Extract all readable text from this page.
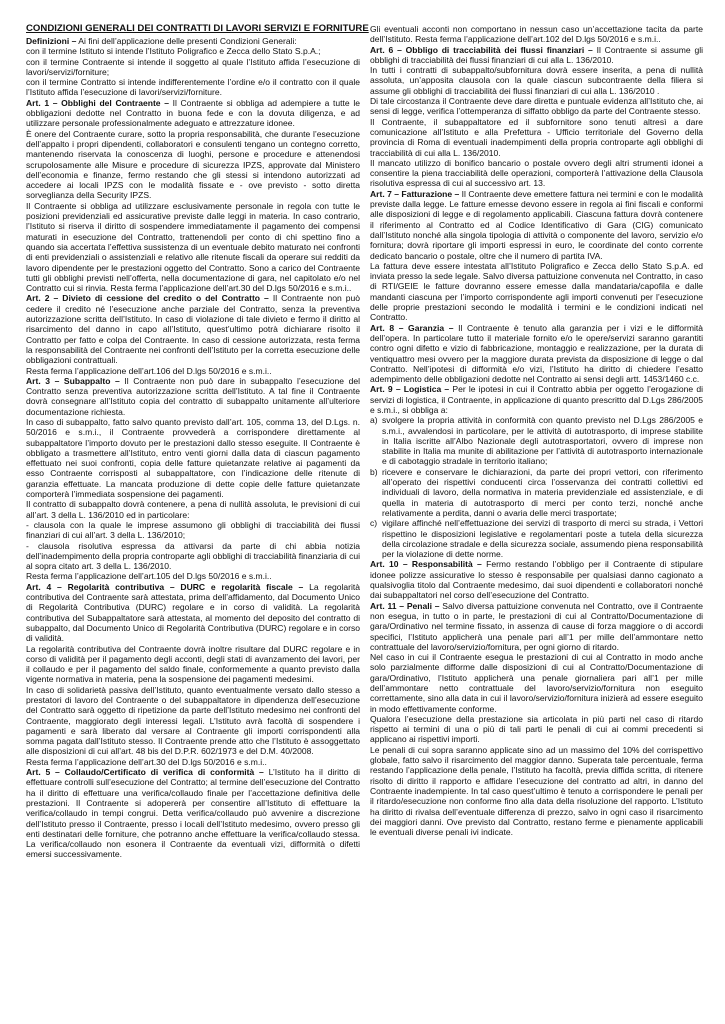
CONDIZIONI GENERALI DEI CONTRATTI DI LAVORI SERVIZI E FORNITURE

Definizioni – Ai fini dell’applicazione delle presenti Condizioni Generali:

con il termine Istituto si intende l’Istituto Poligrafico e Zecca dello Stato S.p.A.;

con il termine Contraente si intende il soggetto al quale l’Istituto affida l’esecuzione di lavori/servizi/forniture;

con il termine Contratto si intende indifferentemente l’ordine e/o il contratto con il quale l’Istituto affida l’esecuzione di lavori/servizi/forniture.

Art. 1 – Obblighi del Contraente – Il Contraente si obbliga ad adempiere a tutte le obbligazioni dedotte nel Contratto in buona fede e con la dovuta diligenza, e ad utilizzare personale professionalmente adeguato e attrezzature idonee.

È onere del Contraente curare, sotto la propria responsabilità, che durante l’esecuzione dell’appalto i propri dipendenti, collaboratori e consulenti tengano un contegno corretto, mantenendo riservata la conoscenza di luoghi, persone e procedure e attenendosi scrupolosamente alle Misure e procedure di sicurezza IPZS, approvate dal Ministero dell’economia e finanze, fermo restando che gli stessi si intendono autorizzati ad accedere ai locali IPZS con le modalità fissate e - ove previsto - sotto diretta sorveglianza della Security IPZS.

Il Contraente si obbliga ad utilizzare esclusivamente personale in regola con tutte le posizioni previdenziali ed assicurative previste dalle leggi in materia. In caso contrario, l’Istituto si riserva il diritto di sospendere immediatamente il pagamento dei compensi maturati in esecuzione del Contratto, trattenendoli per conto di chi spettino fino a quando sia accertata l’effettiva sussistenza di un eventuale debito maturato nei confronti di enti previdenziali o assistenziali e relativo alle ritenute fiscali da operare sui redditi da lavoro dipendente per le prestazioni oggetto del Contratto. Sono a carico del Contraente tutti gli obblighi previsti nell’offerta, nella documentazione di gara, nel capitolato e/o nel Contratto cui si rinvia. Resta ferma l’applicazione dell’art.30 del D.lgs 50/2016 e s.m.i..

Art. 2 – Divieto di cessione del credito o del Contratto – Il Contraente non può cedere il credito né l’esecuzione anche parziale del Contratto, senza la preventiva autorizzazione scritta dell’Istituto. In caso di violazione di tale divieto e fermo il diritto al risarcimento del danno in capo all’Istituto, quest’ultimo potrà dichiarare risolto il Contratto per fatto e colpa del Contraente. In caso di cessione autorizzata, resta ferma la responsabilità del Contraente nei confronti dell’Istituto per la corretta esecuzione delle obbligazioni contrattuali.

Resta ferma l’applicazione dell’art.106 del D.lgs 50/2016 e s.m.i..

Art. 3 – Subappalto – Il Contraente non può dare in subappalto l’esecuzione del Contratto senza preventiva autorizzazione scritta dell’Istituto. A tal fine il Contraente dovrà consegnare all’Istituto copia del contratto di subappalto unitamente all’ulteriore documentazione richiesta.

In caso di subappalto, fatto salvo quanto previsto dall’art. 105, comma 13, del D.Lgs. n. 50/2016 e s.m.i., il Contraente provvederà a corrispondere direttamente al subappaltatore l’importo dovuto per le prestazioni dallo stesso eseguite. Il Contraente è obbligato a trasmettere all’Istituto, entro venti giorni dalla data di ciascun pagamento effettuato nei suoi confronti, copia delle fatture quietanzate relative ai pagamenti da esso Contraente corrisposti al subappaltatore, con l’indicazione delle ritenute di garanzia effettuate. La mancata produzione di dette copie delle fatture quietanzate comporterà l’immediata sospensione dei pagamenti.

Il contratto di subappalto dovrà contenere, a pena di nullità assoluta, le previsioni di cui all’art. 3 della L. 136/2010 ed in particolare:

- clausola con la quale le imprese assumono gli obblighi di tracciabilità dei flussi finanziari di cui all’art. 3 della L. 136/2010;

- clausola risolutiva espressa da attivarsi da parte di chi abbia notizia dell’inadempimento della propria controparte agli obblighi di tracciabilità finanziaria di cui al sopra citato art. 3 della L. 136/2010.

Resta ferma l’applicazione dell’art.105 del D.lgs 50/2016 e s.m.i..

Art. 4 – Regolarità contributiva – DURC e regolarità fiscale – La regolarità contributiva del Contraente sarà attestata, prima dell’affidamento, dal Documento Unico di Regolarità Contributiva (DURC) regolare e in corso di validità. La regolarità contributiva del Subappaltatore sarà attestata, al momento del deposito del contratto di subappalto, dal Documento Unico di Regolarità Contributiva (DURC) regolare e in corso di validità.

La regolarità contributiva del Contraente dovrà inoltre risultare dal DURC regolare e in corso di validità per il pagamento degli acconti, degli stati di avanzamento dei lavori, per il collaudo e per il pagamento del saldo finale, conformemente a quanto previsto dalla vigente normativa in materia, pena la sospensione dei pagamenti medesimi.

In caso di solidarietà passiva dell’Istituto, quanto eventualmente versato dallo stesso a prestatori di lavoro del Contraente o del subappaltatore in dipendenza dell’esecuzione del Contratto sarà oggetto di ripetizione da parte dell’Istituto medesimo nei confronti del Contraente, maggiorato degli interessi legali. L’Istituto avrà facoltà di sospendere i pagamenti e sarà liberato dal versare al Contraente gli importi corrispondenti alla somma pagata dall’Istituto stesso. Il Contraente prende atto che l’Istituto è assoggettato alle disposizioni di cui all’art. 48 bis del D.P.R. 602/1973 e del D.M. 40/2008.

Resta ferma l’applicazione dell’art.30 del D.lgs 50/2016 e s.m.i..

Art. 5 – Collaudo/Certificato di verifica di conformità – L’Istituto ha il diritto di effettuare controlli sull’esecuzione del Contratto; al termine dell’esecuzione del Contratto ha il diritto di effettuare una verifica/collaudo finale per l’accettazione definitiva delle prestazioni. Il Contraente si adopererà per consentire all’Istituto di effettuare la verifica/collaudo in tempi congrui. Detta verifica/collaudo può avvenire a discrezione dell’Istituto presso il Contraente, presso i locali dell’Istituto medesimo, ovvero presso gli enti destinatari delle forniture, che potranno anche effettuare la verifica/collaudo stessa. La verifica/collaudo non esonera il Contraente da eventuali vizi, difformità o difetti emersi successivamente.

Gli eventuali acconti non comportano in nessun caso un’accettazione tacita da parte dell’Istituto. Resta ferma l’applicazione dell’art.102 del D.lgs 50/2016 e s.m.i..

Art. 6 – Obbligo di tracciabilità dei flussi finanziari – Il Contraente si assume gli obblighi di tracciabilità dei flussi finanziari di cui alla L. 136/2010.

In tutti i contratti di subappalto/subfornitura dovrà essere inserita, a pena di nullità assoluta, un’apposita clausola con la quale ciascun subcontraente della filiera si assume gli obblighi di tracciabilità dei flussi finanziari di cui alla L. 136/2010 .

Di tale circostanza il Contraente deve dare diretta e puntuale evidenza all’Istituto che, ai sensi di legge, verifica l’ottemperanza di siffatto obbligo da parte del Contraente stesso.

Il Contraente, il subappaltatore ed il subfornitore sono tenuti altresì a dare comunicazione all’Istituto e alla Prefettura - Ufficio territoriale del Governo della provincia di Roma di eventuali inadempimenti della propria controparte agli obblighi di tracciabilità di cui alla L. 136/2010.

Il mancato utilizzo di bonifico bancario o postale ovvero degli altri strumenti idonei a consentire la piena tracciabilità delle operazioni, comporterà l’attivazione della Clausola risolutiva espressa di cui al successivo art. 13.

Art. 7 – Fatturazione – Il Contraente deve emettere fattura nei termini e con le modalità previste dalla legge. Le fatture emesse devono essere in regola ai fini fiscali e conformi alle disposizioni di legge e di regolamento applicabili. Ciascuna fattura dovrà contenere il riferimento al Contratto ed al Codice Identificativo di Gara (CIG) comunicato dall’Istituto nonché alla singola tipologia di attività o componente del lavoro, servizio e/o fornitura; dovrà riportare gli importi espressi in euro, le coordinate del conto corrente dedicato bancario o postale, oltre che il numero di partita IVA.

La fattura deve essere intestata all’Istituto Poligrafico e Zecca dello Stato S.p.A. ed inviata presso la sede legale. Salvo diversa pattuizione convenuta nel Contratto, in caso di RTI/GEIE le fatture dovranno essere emesse dalla mandataria/capofila e dalle mandanti ciascuna per l’importo corrispondente agli importi convenuti per l’esecuzione delle proprie prestazioni secondo le modalità i termini e le condizioni indicati nel Contratto.

Art. 8 – Garanzia – Il Contraente è tenuto alla garanzia per i vizi e le difformità dell’opera. In particolare tutto il materiale fornito e/o le opere/servizi saranno garantiti contro ogni difetto e vizio di fabbricazione, montaggio e realizzazione, per la durata di ventiquattro mesi ovvero per la maggiore durata prevista da disposizione di legge o dal Contratto. Nell’ipotesi di difformità e/o vizi, l’Istituto ha diritto di chiedere l’esatto adempimento delle obbligazioni dedotte nel Contratto ai sensi degli artt. 1453/1460 c.c.

Art. 9 – Logistica – Per le ipotesi in cui il Contratto abbia per oggetto l’erogazione di servizi di logistica, il Contraente, in applicazione di quanto prescritto dal D.Lgs 286/2005 e s.m.i., si obbliga a:

a) svolgere la propria attività in conformità con quanto previsto nel D.Lgs 286/2005 e s.m.i., avvalendosi in particolare, per le attività di autotrasporto, di imprese stabilite in Italia iscritte all’Albo Nazionale degli autotrasportatori, ovvero di imprese non stabilite in Italia ma munite di abilitazione per l’attività di autotrasporto internazionale e di cabotaggio stradale in territorio italiano;
b) ricevere e conservare le dichiarazioni, da parte dei propri vettori, con riferimento all’operato dei rispettivi conducenti circa l’osservanza dei contratti collettivi ed individuali di lavoro, della normativa in materia previdenziale ed assistenziale, e di quella in materia di autotrasporto di merci per conto terzi, nonché anche relativamente a perdita, danni o avaria delle merci trasportate;
c) vigilare affinché nell’effettuazione dei servizi di trasporto di merci su strada, i Vettori rispettino le disposizioni legislative e regolamentari poste a tutela della sicurezza della circolazione stradale e della sicurezza sociale, assumendo piena responsabilità per la violazione di dette norme.

Art. 10 – Responsabilità – Fermo restando l’obbligo per il Contraente di stipulare idonee polizze assicurative lo stesso è responsabile per qualsiasi danno cagionato a qualsivoglia titolo dal Contraente medesimo, dai suoi dipendenti e collaboratori nonché dai subappaltatori nel corso dell’esecuzione del Contratto.

Art. 11 – Penali – Salvo diversa pattuizione convenuta nel Contratto, ove il Contraente non esegua, in tutto o in parte, le prestazioni di cui al Contratto/Documentazione di gara/Ordinativo nel termine fissato, in assenza di cause di forza maggiore o di accordi specifici, l’Istituto applicherà una penale pari all’1 per mille dell’ammontare netto contrattuale del lavoro/servizio/fornitura, per ogni giorno di ritardo.

Nel caso in cui il Contraente esegua le prestazioni di cui al Contratto in modo anche solo parzialmente difforme dalle disposizioni di cui al Contratto/Documentazione di gara/Ordinativo, l’Istituto applicherà una penale giornaliera pari all’1 per mille dell’ammontare netto contrattuale del lavoro/servizio/fornitura non eseguito correttamente, sino alla data in cui il lavoro/servizio/fornitura inizierà ad essere eseguito in modo effettivamente conforme.

Qualora l’esecuzione della prestazione sia articolata in più parti nel caso di ritardo rispetto ai termini di una o più di tali parti le penali di cui ai commi precedenti si applicano ai rispettivi importi.

Le penali di cui sopra saranno applicate sino ad un massimo del 10% del corrispettivo globale, fatto salvo il risarcimento del maggior danno. Superata tale percentuale, ferma restando l’applicazione della penale, l’Istituto ha facoltà, previa diffida scritta, di ritenere risolto di diritto il rapporto e affidare l’esecuzione del contratto ad altri, in danno del Contraente inadempiente. In tal caso quest’ultimo è tenuto a corrispondere le penali per il ritardo/esecuzione non conforme fino alla data della risoluzione del rapporto. L’Istituto ha diritto di rivalsa dell’eventuale differenza di prezzo, salvo in ogni caso il risarcimento dei maggiori danni. Ove previsto dal Contratto, restano ferme e pienamente applicabili le eventuali diverse penali ivi indicate.
